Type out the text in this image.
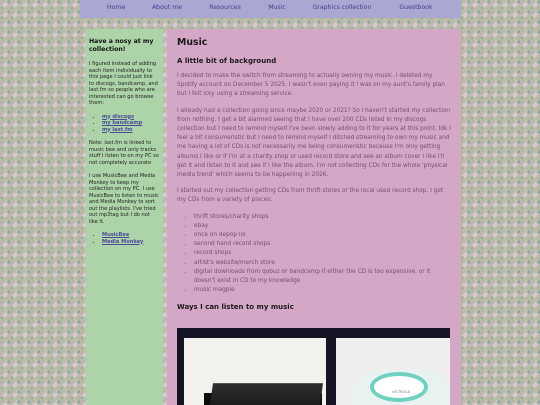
Home	About me	Resources	Music	Graphics collection	Guestbook
Have a nosy at my collection!

I figured instead of adding each item individually to this page I could just link to discogs, bandcamp, and last.fm so people who are interested can go browse them:

• my discogs
• my bandcamp
• my last.fm

Note: last.fm is linked to music bee and only tracks stuff I listen to on my PC so not completely accurate

I use MusicBee and Media Monkey to keep my collection on my PC. I use MusicBee to listen to music and Media Monkey to sort out the playlists. I've tried out mp3tag but I do not like it.

• MusicBee
• Media Monkey
Music
A little bit of background

I decided to make the switch from streaming to actually owning my music. I deleted my Spotify account on December 5 2025. I wasn't even paying it I was on my aunt's family plan but I felt icky using a streaming service.

I already had a collection going since maybe 2020 or 2021? So I haven't started my collection from nothing. I get a bit alarmed seeing that I have over 200 CDs listed in my discogs collection but I need to remind myself I've been slowly adding to it for years at this point. Idk I feel a bit consumeristic but I need to remind myself I ditched streaming to own my music and me having a lot of CDs is not necessarily me being consumeristic because I'm only getting albums I like or if I'm at a charity shop or used record store and see an album cover I like I'll get it and listen to it and see if I like the album. I'm not collecting CDs for the whole 'physical media trend' which seems to be happening in 2026.

I started out my collection getting CDs from thrift stores or the local used record shop. I get my CDs from a variety of places:

• thrift stores/charity shops
• ebay
• once on depop lol
• second hand record shops
• record shops
• artist's website/merch store
• digital downloads from qobuz or bandcamp if either the CD is too expensive, or it doesn't exist in CD to my knowledge
• music magpie
Ways I can listen to my music
VICTROLA
